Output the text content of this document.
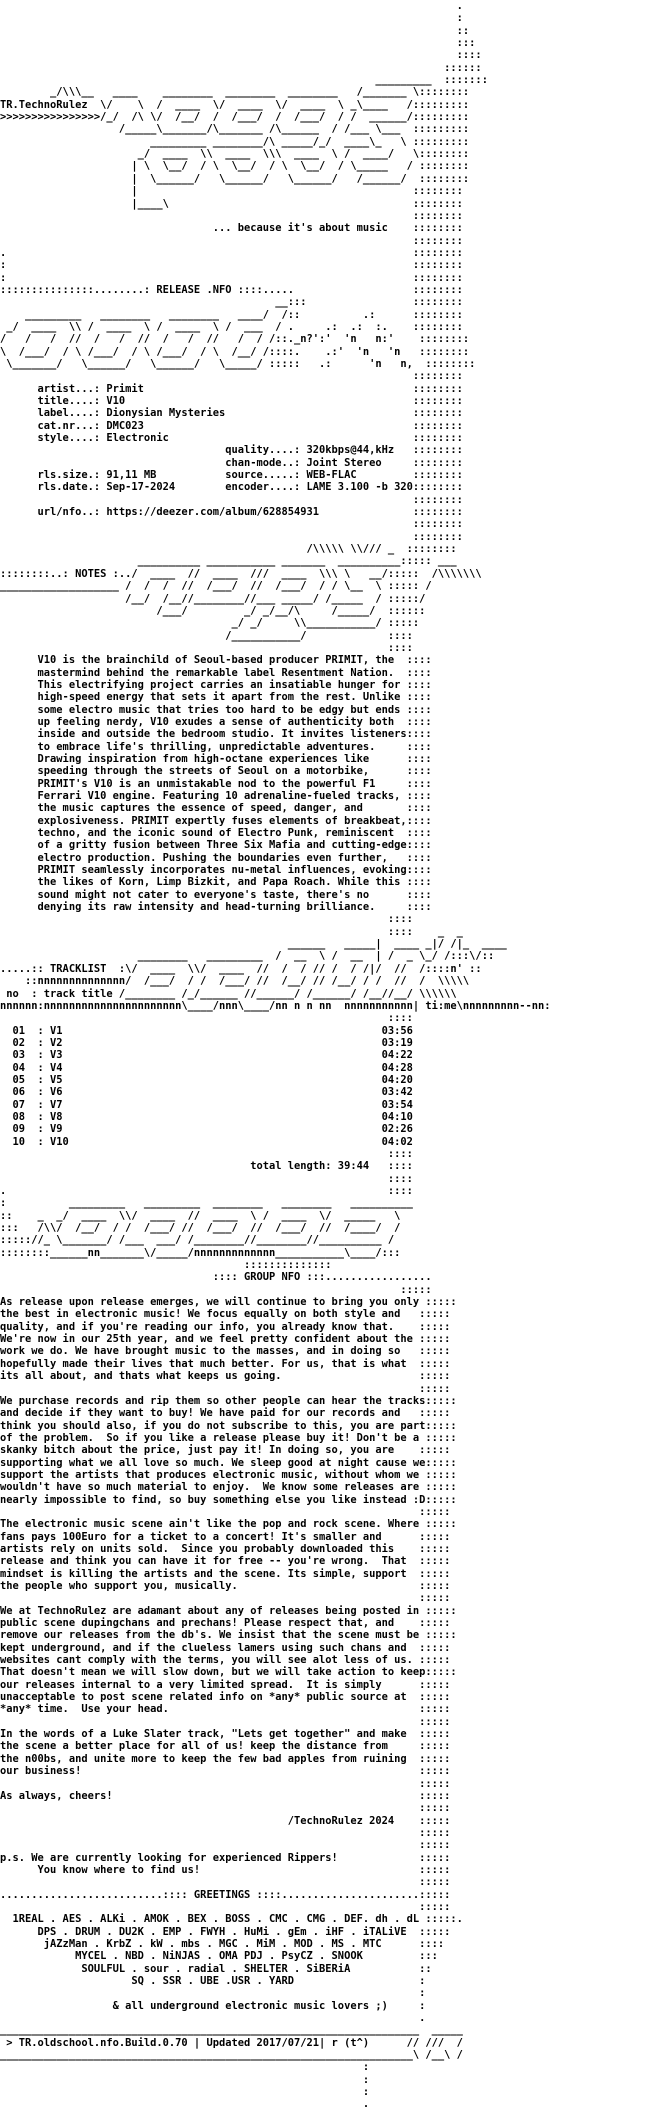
.
:
::
:::
::::
::::::
_________  :::::::
_/\\\__   ____    ________  ________  ________   /_______ \::::::::
TR.TechnoRulez  \/    \  /  ____  \/  ____  \/  ____  \ _\____   /:::::::::
>>>>>>>>>>>>>>>>/_/  /\ \/  /__/  /  /___/  /  /___/  / /  ______/:::::::::
/_____\_______/\_______ /\______  / /___ \___  :::::::::
_________ ________/\ _____/_/  ____\_   \ :::::::::
_/  ____  \\  ____  \\\  ____  \ /  ____/   \::::::::
| \  \__/  / \  \__/  / \  \__/  / \_____   / ::::::::
|  \______/   \______/   \______/   /______/  ::::::::
|                                            ::::::::
|____\                                       ::::::::
::::::::
... because it's about music    ::::::::
::::::::
.                                                                 ::::::::
:                                                                 ::::::::
:                                                                 ::::::::
:::::::::::::::........: RELEASE .NFO ::::.....                   ::::::::
__:::                 ::::::::
_________   ________   ________   ____/  /::          .:      ::::::::
_/  ____  \\ /  ____  \ /  ____  \ /  ___  / .     .:  .:  :.    ::::::::
/   /   /  //  /   /  //  /   /  //   /  / /::._n?':'  'n   n:'    ::::::::
\  /___/  / \ /___/  / \ /___/  / \  /__/ /::::.    .:'  'n   'n   ::::::::
\_______/   \______/   \______/   \_____/ :::::   .:      'n   n,  ::::::::
::::::::
artist...: Primit                                           ::::::::
title....: V10                                              ::::::::
label....: Dionysian Mysteries                              ::::::::
cat.nr...: DMC023                                           ::::::::
style....: Electronic                                       ::::::::
quality....: 320kbps@44,kHz   ::::::::
chan-mode..: Joint Stereo     ::::::::
rls.size.: 91,11 MB           source.....: WEB-FLAC         ::::::::
rls.date.: Sep-17-2024        encoder....: LAME 3.100 -b 320::::::::
::::::::
url/nfo..: https://deezer.com/album/628854931               ::::::::
::::::::
::::::::
/\\\\\ \\/// _  ::::::::
__________ ___________ _______  __________::::: ___
::::::::..: NOTES :../  ____  //  ____  ///  ____  \\\ \   __/:::::  /\\\\\\\
___________________ /  /  /  //  /___/  //  /___/  / / \__  \ ::::: /
/__/  /__//________//___ _____/ /_____  / :::::/
/___/         _/ _/__/\     /_____/  ::::::
_/ _/     \\___________/ :::::
/___________/             ::::
::::
V10 is the brainchild of Seoul-based producer PRIMIT, the  ::::
mastermind behind the remarkable label Resentment Nation.  ::::
This electrifying project carries an insatiable hunger for ::::
high-speed energy that sets it apart from the rest. Unlike ::::
some electro music that tries too hard to be edgy but ends ::::
up feeling nerdy, V10 exudes a sense of authenticity both  ::::
inside and outside the bedroom studio. It invites listeners::::
to embrace life's thrilling, unpredictable adventures.     ::::
Drawing inspiration from high-octane experiences like      ::::
speeding through the streets of Seoul on a motorbike,      ::::
PRIMIT's V10 is an unmistakable nod to the powerful F1     ::::
Ferrari V10 engine. Featuring 10 adrenaline-fueled tracks, ::::
the music captures the essence of speed, danger, and       ::::
explosiveness. PRIMIT expertly fuses elements of breakbeat,::::
techno, and the iconic sound of Electro Punk, reminiscent  ::::
of a gritty fusion between Three Six Mafia and cutting-edge::::
electro production. Pushing the boundaries even further,   ::::
PRIMIT seamlessly incorporates nu-metal influences, evoking::::
the likes of Korn, Limp Bizkit, and Papa Roach. While this ::::
sound might not cater to everyone's taste, there's no      ::::
denying its raw intensity and head-turning brilliance.     ::::
::::
::::    _  _
______   _____|  ____ _|/ /|_  ____
________   _________  /  __  \ /  __  | /  _ \_/ /:::\/::
.....:: TRACKLIST  :\/  ____  \\/  ____  //  /  / // /  / /|/  //  /::::n' ::
::nnnnnnnnnnnnnn/  /___/  / /  /___/ //  /__/ // /__/ / /  //  /  \\\\\
no  : track title /________ /_/______ //______/ /______/ /__//__/ \\\\\\
nnnnnn:nnnnnnnnnnnnnnnnnnnnnn\____/nnn\____/nn n n nn  nnnnnnnnnnn| ti:me\nnnnnnnnn--nn:
::::
01  : V1                                                   03:56
02  : V2                                                   03:19
03  : V3                                                   04:22
04  : V4                                                   04:28
05  : V5                                                   04:20
06  : V6                                                   03:42
07  : V7                                                   03:54
08  : V8                                                   04:10
09  : V9                                                   02:26
10  : V10                                                  04:02
::::
total length: 39:44   ::::
::::
.                                                             ::::
:          _________   _________  ________   ________   __________
::    _  _/  ____  \\/  ____  //  ____  \ /  ____  \/  _____   \
:::   /\\/  /__/  / /  /___/ //  /___/  //  /___/  //  /____/  /
::::://_ \_______/ /___  ___/ /________//________//__________ /
::::::::______nn_______\/_____/nnnnnnnnnnnnn___________\____/:::
::::::::::::::
:::: GROUP NFO :::.................
:::::
As release upon release emerges, we will continue to bring you only :::::
the best in electronic music! We focus equally on both style and   :::::
quality, and if you're reading our info, you already know that.    :::::
We're now in our 25th year, and we feel pretty confident about the :::::
work we do. We have brought music to the masses, and in doing so   :::::
hopefully made their lives that much better. For us, that is what  :::::
its all about, and thats what keeps us going.                      :::::
:::::
We purchase records and rip them so other people can hear the tracks:::::
and decide if they want to buy! We have paid for our records and   :::::
think you should also, if you do not subscribe to this, you are part:::::
of the problem.  So if you like a release please buy it! Don't be a :::::
skanky bitch about the price, just pay it! In doing so, you are    :::::
supporting what we all love so much. We sleep good at night cause we:::::
support the artists that produces electronic music, without whom we :::::
wouldn't have so much material to enjoy.  We know some releases are :::::
nearly impossible to find, so buy something else you like instead :D:::::
:::::
The electronic music scene ain't like the pop and rock scene. Where :::::
fans pays 100Euro for a ticket to a concert! It's smaller and      :::::
artists rely on units sold.  Since you probably downloaded this    :::::
release and think you can have it for free -- you're wrong.  That  :::::
mindset is killing the artists and the scene. Its simple, support  :::::
the people who support you, musically.                             :::::
:::::
We at TechnoRulez are adamant about any of releases being posted in :::::
public scene dupingchans and prechans! Please respect that, and    :::::
remove our releases from the db's. We insist that the scene must be :::::
kept underground, and if the clueless lamers using such chans and  :::::
websites cant comply with the terms, you will see alot less of us. :::::
That doesn't mean we will slow down, but we will take action to keep:::::
our releases internal to a very limited spread.  It is simply      :::::
unacceptable to post scene related info on *any* public source at  :::::
*any* time.  Use your head.                                        :::::
:::::
In the words of a Luke Slater track, "Lets get together" and make  :::::
the scene a better place for all of us! keep the distance from     :::::
the n00bs, and unite more to keep the few bad apples from ruining  :::::
our business!                                                      :::::
:::::
As always, cheers!                                                 :::::
:::::
/TechnoRulez 2024    :::::
:::::
:::::
p.s. We are currently looking for experienced Rippers!             :::::
You know where to find us!                                   :::::
:::::
..........................:::: GREETINGS ::::......................:::::
:::::
1REAL . AES . ALKi . AMOK . BEX . BOSS . CMC . CMG . DEF. dh . dL :::::.
DPS . DRUM . DU2K . EMP . FWYH . HuMi . gEm . iHF . iTALiVE  :::::
jAZzMan . KrbZ . kW . mbs . MGC . MiM . MOD . MS . MTC      ::::
MYCEL . NBD . NiNJAS . OMA PDJ . PsyCZ . SNOOK         :::
SOULFUL . sour . radial . SHELTER . SiBERiA           ::
SQ . SSR . UBE .USR . YARD                    :
:
& all underground electronic music lovers ;)     :
.
___________________________________________________________________  _____
> TR.oldschool.nfo.Build.0.70 | Updated 2017/07/21| r (t^)      // ///  /
__________________________________________________________________\ /__\ /
:
:
:
.
